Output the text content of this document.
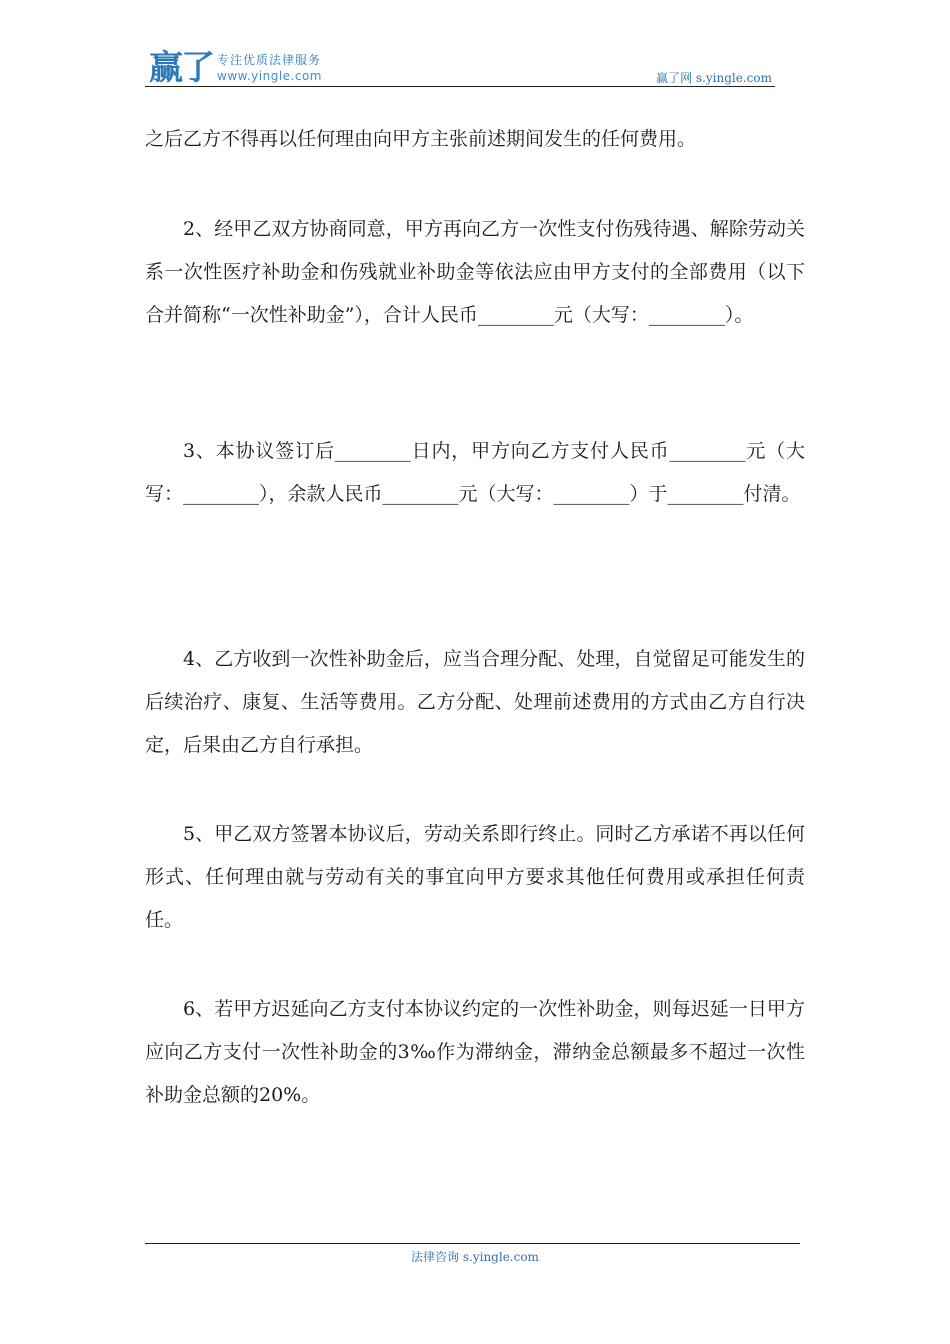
赢了 专注优质法律服务
www.yingle.com	赢了网 s.yingle.com

之后乙方不得再以任何理由向甲方主张前述期间发生的任何费用。

2、经甲乙双方协商同意，甲方再向乙方一次性支付伤残待遇、解除劳动关系一次性医疗补助金和伤残就业补助金等依法应由甲方支付的全部费用（以下合并简称“一次性补助金”），合计人民币________元（大写：________）。

3、本协议签订后________日内，甲方向乙方支付人民币________元（大写：________），余款人民币________元（大写：________）于________付清。

4、乙方收到一次性补助金后，应当合理分配、处理，自觉留足可能发生的后续治疗、康复、生活等费用。乙方分配、处理前述费用的方式由乙方自行决定，后果由乙方自行承担。

5、甲乙双方签署本协议后，劳动关系即行终止。同时乙方承诺不再以任何形式、任何理由就与劳动有关的事宜向甲方要求其他任何费用或承担任何责任。

6、若甲方迟延向乙方支付本协议约定的一次性补助金，则每迟延一日甲方应向乙方支付一次性补助金的3‰作为滞纳金，滞纳金总额最多不超过一次性补助金总额的20%。

法律咨询 s.yingle.com
